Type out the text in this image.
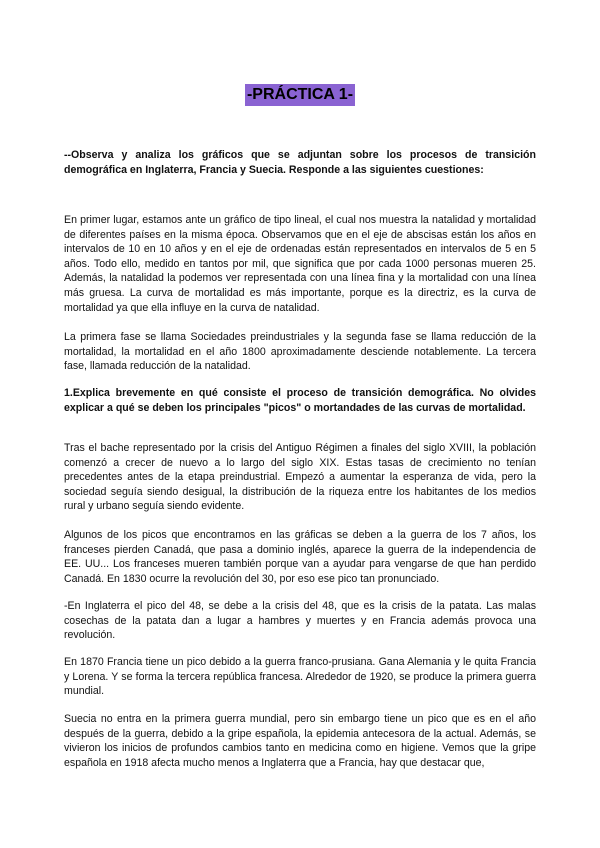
-PRÁCTICA 1-

--Observa y analiza los gráficos que se adjuntan sobre los procesos de transición demográfica en Inglaterra, Francia y Suecia. Responde a las siguientes cuestiones:

En primer lugar, estamos ante un gráfico de tipo lineal, el cual nos muestra la natalidad y mortalidad de diferentes países en la misma época. Observamos que en el eje de abscisas están los años en intervalos de 10 en 10 años y en el eje de ordenadas están representados en intervalos de 5 en 5 años. Todo ello, medido en tantos por mil, que significa que por cada 1000 personas mueren 25. Además, la natalidad la podemos ver representada con una línea fina y la mortalidad con una línea más gruesa. La curva de mortalidad es más importante, porque es la directriz, es la curva de mortalidad ya que ella influye en la curva de natalidad.

La primera fase se llama Sociedades preindustriales y la segunda fase se llama reducción de la mortalidad, la mortalidad en el año 1800 aproximadamente desciende notablemente. La tercera fase, llamada reducción de la natalidad.

1.Explica brevemente en qué consiste el proceso de transición demográfica. No olvides explicar a qué se deben los principales "picos" o mortandades de las curvas de mortalidad.

Tras el bache representado por la crisis del Antiguo Régimen a finales del siglo XVIII, la población comenzó a crecer de nuevo a lo largo del siglo XIX. Estas tasas de crecimiento no tenían precedentes antes de la etapa preindustrial. Empezó a aumentar la esperanza de vida, pero la sociedad seguía siendo desigual, la distribución de la riqueza entre los habitantes de los medios rural y urbano seguía siendo evidente.

Algunos de los picos que encontramos en las gráficas se deben a la guerra de los 7 años, los franceses pierden Canadá, que pasa a dominio inglés, aparece la guerra de la independencia de EE. UU... Los franceses mueren también porque van a ayudar para vengarse de que han perdido Canadá. En 1830 ocurre la revolución del 30, por eso ese pico tan pronunciado.

-En Inglaterra el pico del 48, se debe a la crisis del 48, que es la crisis de la patata. Las malas cosechas de la patata dan a lugar a hambres y muertes y en Francia además provoca una revolución.

En 1870 Francia tiene un pico debido a la guerra franco-prusiana. Gana Alemania y le quita Francia y Lorena. Y se forma la tercera república francesa. Alrededor de 1920, se produce la primera guerra mundial.

Suecia no entra en la primera guerra mundial, pero sin embargo tiene un pico que es en el año después de la guerra, debido a la gripe española, la epidemia antecesora de la actual. Además, se vivieron los inicios de profundos cambios tanto en medicina como en higiene. Vemos que la gripe española en 1918 afecta mucho menos a Inglaterra que a Francia, hay que destacar que,
